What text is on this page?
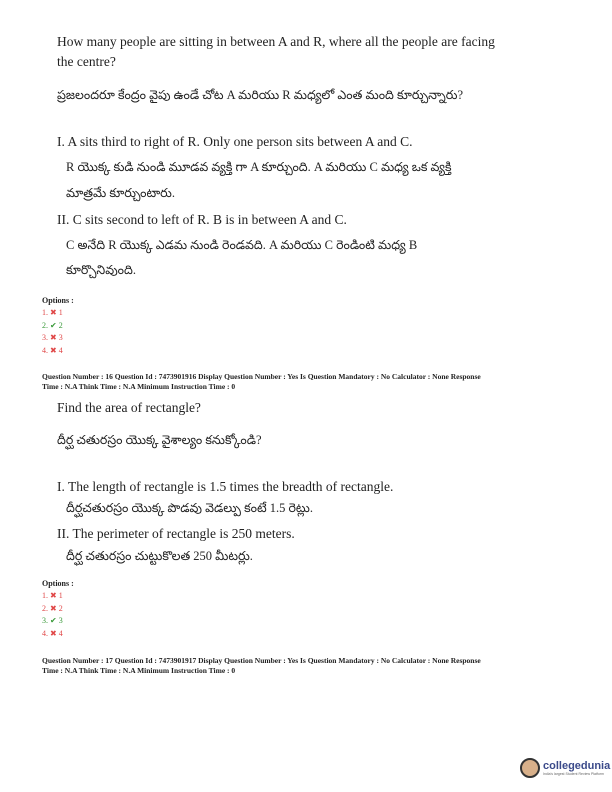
How many people are sitting in between A and R, where all the people are facing
the centre?
ప్రజలందరూ కేంద్రం వైపు ఉండే చోట A మరియు R మధ్యలో ఎంత మంది కూర్చున్నారు?
I. A sits third to right of R. Only one person sits between A and C.
R యొక్క కుడి నుండి మూడవ వ్యక్తి గా A కూర్చుంది. A మరియు C మధ్య ఒక వ్యక్తి
మాత్రమే కూర్చుంటారు.
II. C sits second to left of R. B is in between A and C.
C అనేది R యొక్క ఎడమ నుండి రెండవది. A మరియు C రెండింటి మధ్య B
కూర్చొనివుంది.
Options :
1. ✖ 1
2. ✔ 2
3. ✖ 3
4. ✖ 4
Question Number : 16 Question Id : 7473901916 Display Question Number : Yes Is Question Mandatory : No Calculator : None Response
Time : N.A Think Time : N.A Minimum Instruction Time : 0
Find the area of rectangle?
దీర్ఘ చతురస్రం యొక్క వైశాల్యం కనుక్కోండి?
I. The length of rectangle is 1.5 times the breadth of rectangle.
దీర్ఘచతురస్రం యొక్క పొడవు వెడల్పు కంటే 1.5 రెట్లు.
II. The perimeter of rectangle is 250 meters.
దీర్ఘ చతురస్రం చుట్టుకొలత 250 మీటర్లు.
Options :
1. ✖ 1
2. ✖ 2
3. ✔ 3
4. ✖ 4
Question Number : 17 Question Id : 7473901917 Display Question Number : Yes Is Question Mandatory : No Calculator : None Response
Time : N.A Think Time : N.A Minimum Instruction Time : 0
collegedunia
India's largest Student Review Platform
